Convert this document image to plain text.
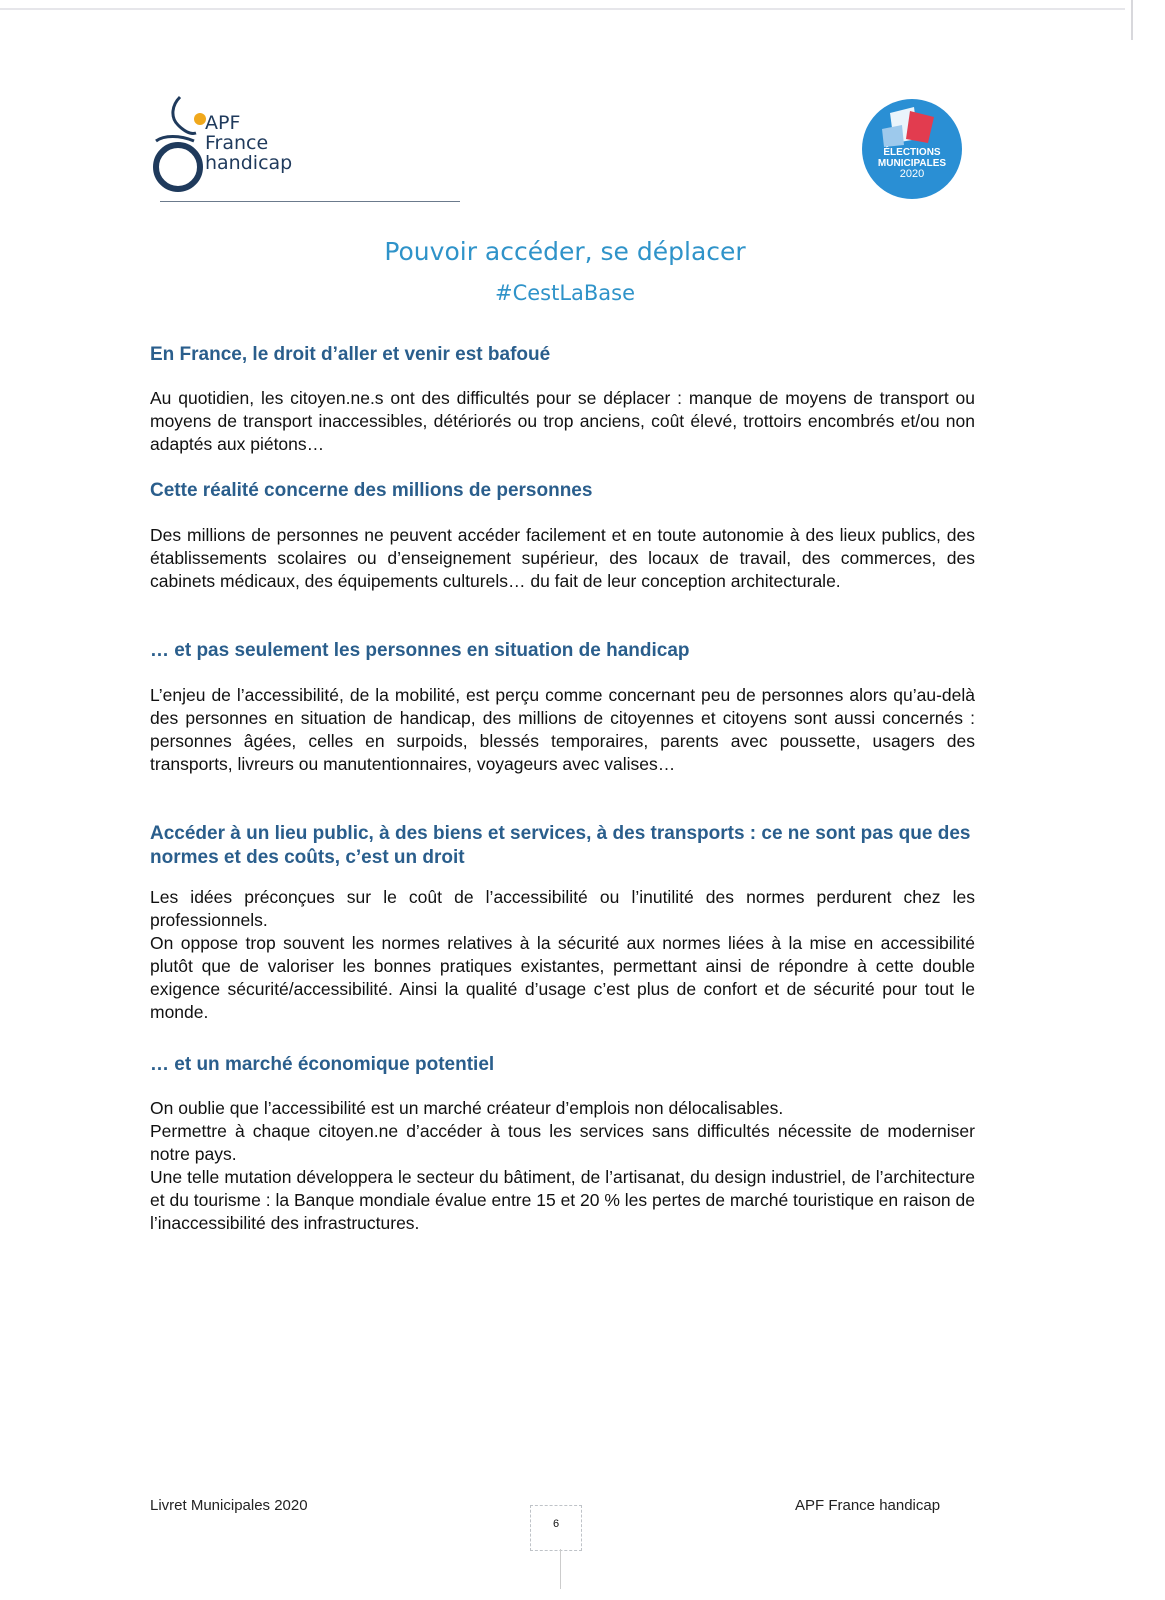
APF
France
handicap	ÉLECTIONS
MUNICIPALES
2020
Pouvoir accéder, se déplacer
#CestLaBase
En France, le droit d’aller et venir est bafoué

Au quotidien, les citoyen.ne.s ont des difficultés pour se déplacer : manque de moyens de transport ou moyens de transport inaccessibles, détériorés ou trop anciens, coût élevé, trottoirs encombrés et/ou non adaptés aux piétons…

Cette réalité concerne des millions de personnes

Des millions de personnes ne peuvent accéder facilement et en toute autonomie à des lieux publics, des établissements scolaires ou d’enseignement supérieur, des locaux de travail, des commerces, des cabinets médicaux, des équipements culturels… du fait de leur conception architecturale.

… et pas seulement les personnes en situation de handicap

L’enjeu de l’accessibilité, de la mobilité, est perçu comme concernant peu de personnes alors qu’au-delà des personnes en situation de handicap, des millions de citoyennes et citoyens sont aussi concernés : personnes âgées, celles en surpoids, blessés temporaires, parents avec poussette, usagers des transports, livreurs ou manutentionnaires, voyageurs avec valises…

Accéder à un lieu public, à des biens et services, à des transports : ce ne sont pas que des normes et des coûts, c’est un droit

Les idées préconçues sur le coût de l’accessibilité ou l’inutilité des normes perdurent chez les professionnels.

On oppose trop souvent les normes relatives à la sécurité aux normes liées à la mise en accessibilité plutôt que de valoriser les bonnes pratiques existantes, permettant ainsi de répondre à cette double exigence sécurité/accessibilité. Ainsi la qualité d’usage c’est plus de confort et de sécurité pour tout le monde.

… et un marché économique potentiel

On oublie que l’accessibilité est un marché créateur d’emplois non délocalisables.

Permettre à chaque citoyen.ne d’accéder à tous les services sans difficultés nécessite de moderniser notre pays.

Une telle mutation développera le secteur du bâtiment, de l’artisanat, du design industriel, de l’architecture et du tourisme : la Banque mondiale évalue entre 15 et 20 % les pertes de marché touristique en raison de l’inaccessibilité des infrastructures.

Livret Municipales 2020
6
APF France handicap
